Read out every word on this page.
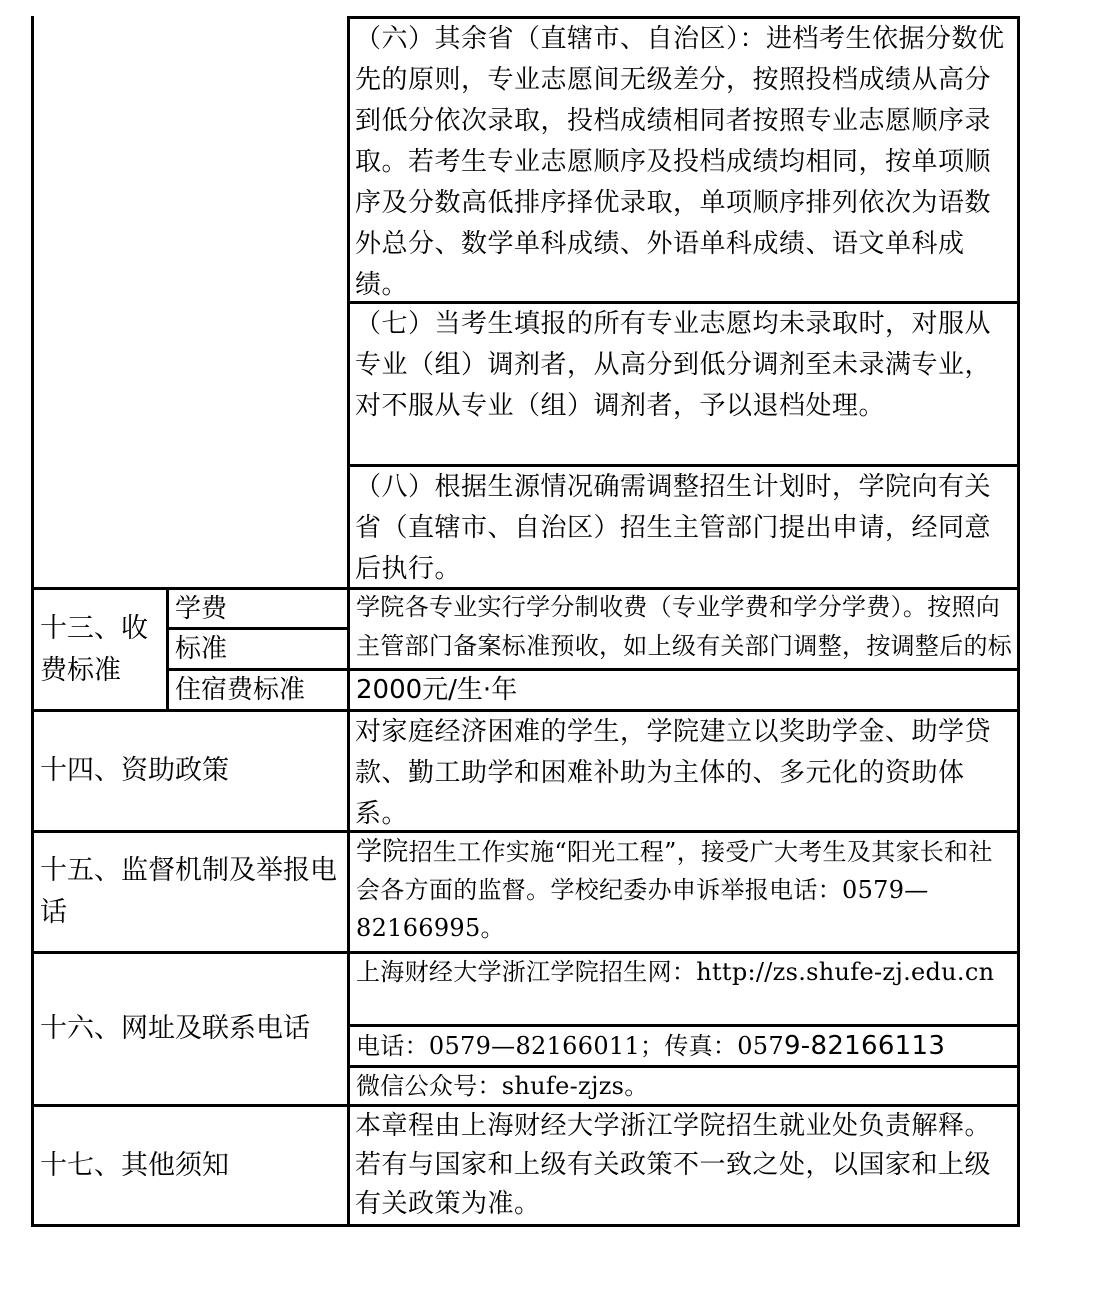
（六）其余省（直辖市、自治区）：进档考生依据分数优先的原则，专业志愿间无级差分，按照投档成绩从高分到低分依次录取，投档成绩相同者按照专业志愿顺序录取。若考生专业志愿顺序及投档成绩均相同，按单项顺序及分数高低排序择优录取，单项顺序排列依次为语数外总分、数学单科成绩、外语单科成绩、语文单科成绩。
（七）当考生填报的所有专业志愿均未录取时，对服从专业（组）调剂者，从高分到低分调剂至未录满专业，对不服从专业（组）调剂者，予以退档处理。
（八）根据生源情况确需调整招生计划时，学院向有关省（直辖市、自治区）招生主管部门提出申请，经同意后执行。
十三、收费标准
学费
标准
学院各专业实行学分制收费（专业学费和学分学费）。按照向主管部门备案标准预收，如上级有关部门调整，按调整后的标
住宿费标准 2000元/生·年
十四、资助政策
对家庭经济困难的学生，学院建立以奖助学金、助学贷款、勤工助学和困难补助为主体的、多元化的资助体系。
十五、监督机制及举报电话
学院招生工作实施“阳光工程”，接受广大考生及其家长和社会各方面的监督。学校纪委办申诉举报电话：0579—82166995。
十六、网址及联系电话
上海财经大学浙江学院招生网：http://zs.shufe-zj.edu.cn
电话：0579—82166011；传真：057 9-82166113
微信公众号：shufe-zjzs。
十七、其他须知
本章程由上海财经大学浙江学院招生就业处负责解释。若有与国家和上级有关政策不一致之处，以国家和上级有关政策为准。
